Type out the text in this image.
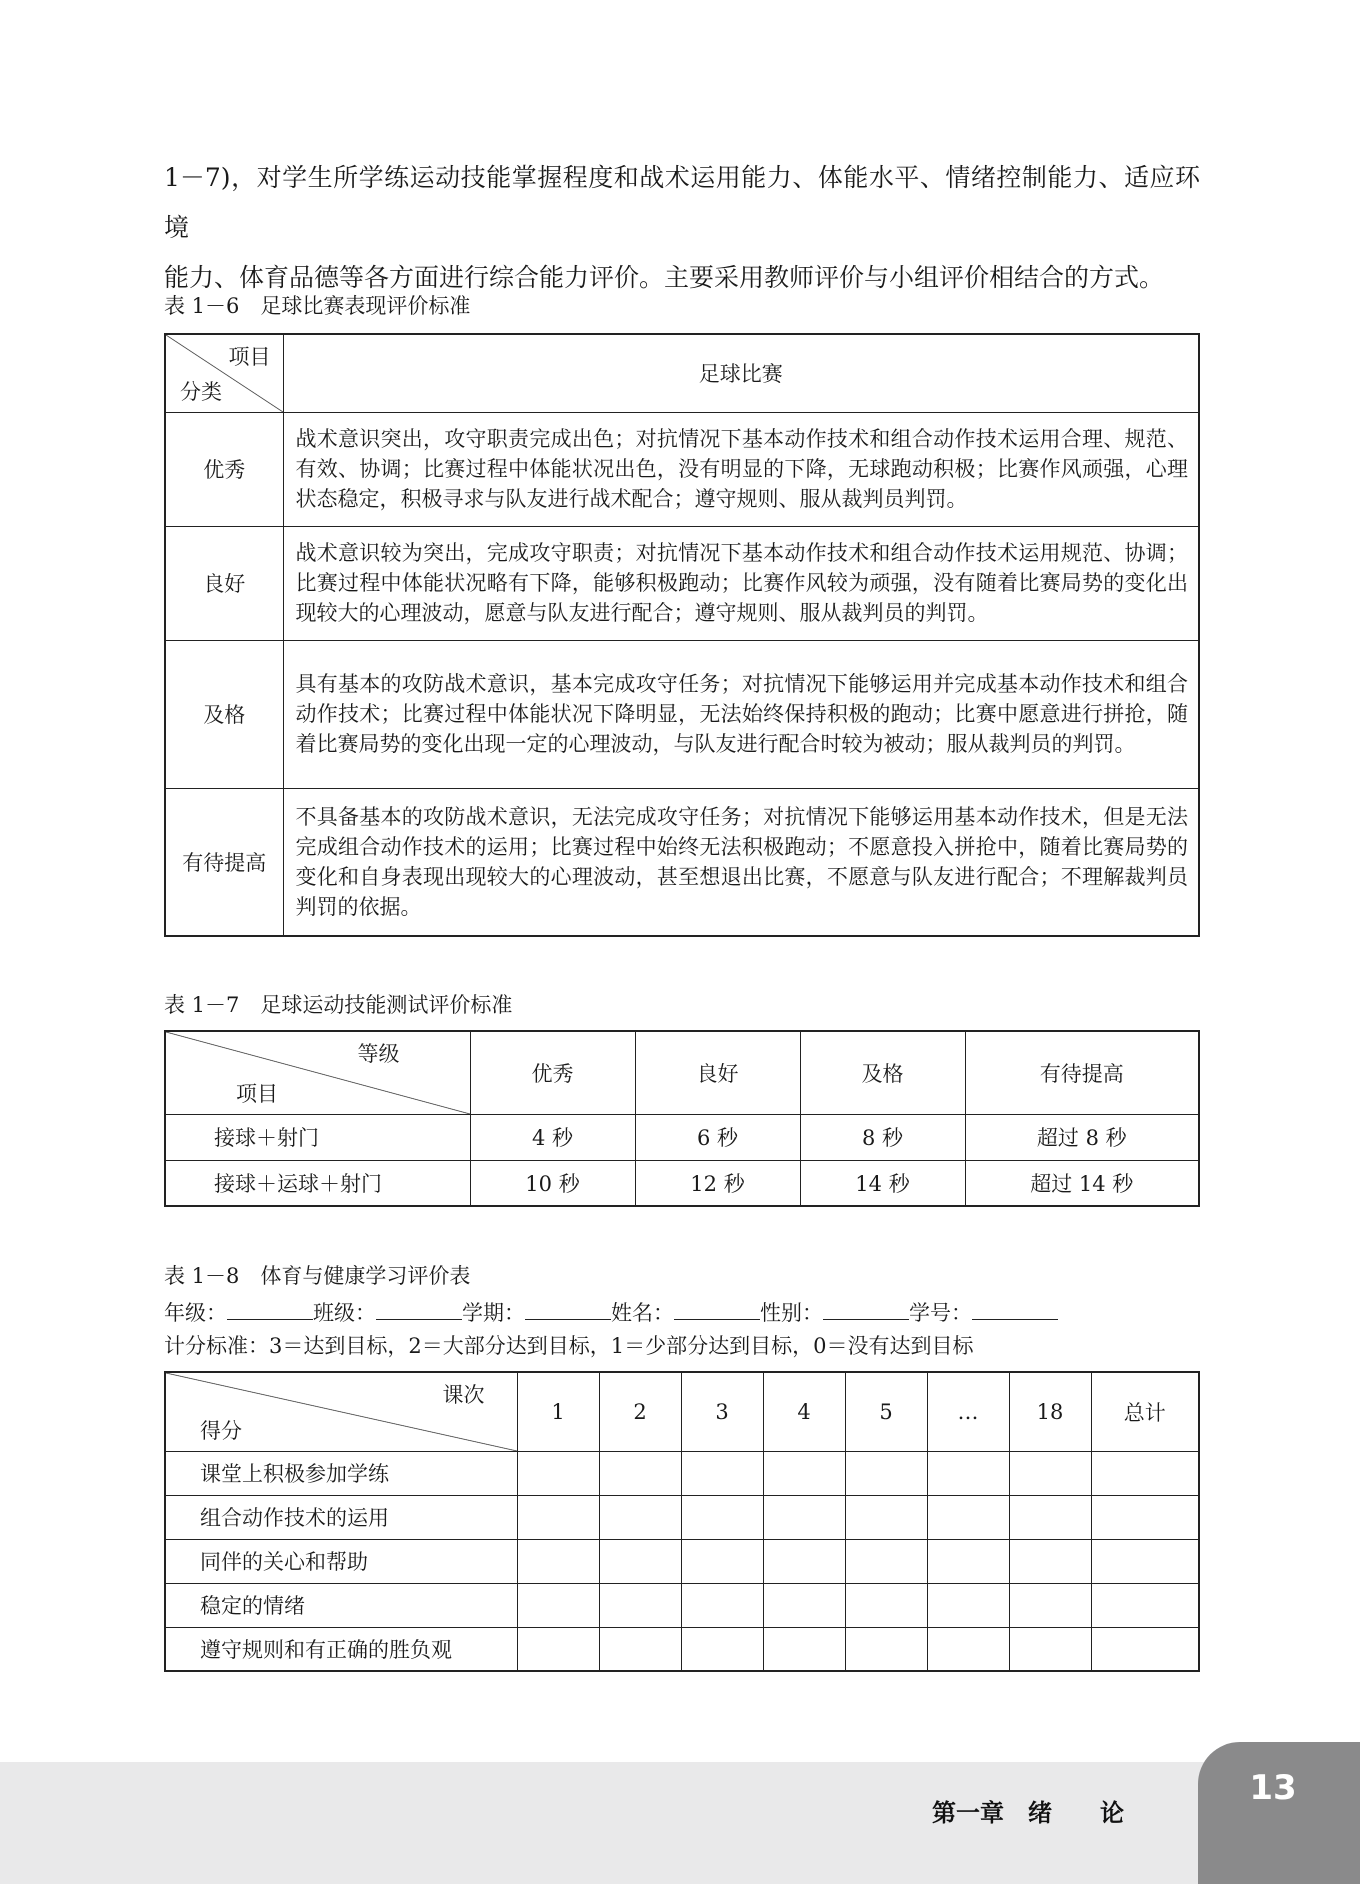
1－7)，对学生所学练运动技能掌握程度和战术运用能力、体能水平、情绪控制能力、适应环境
能力、体育品德等各方面进行综合能力评价。主要采用教师评价与小组评价相结合的方式。

表 1－6　足球比赛表现评价标准

项目
分类	足球比赛
优秀	战术意识突出，攻守职责完成出色；对抗情况下基本动作技术和组合动作技术运用合理、规范、有效、协调；比赛过程中体能状况出色，没有明显的下降，无球跑动积极；比赛作风顽强，心理状态稳定，积极寻求与队友进行战术配合；遵守规则、服从裁判员判罚。
良好	战术意识较为突出，完成攻守职责；对抗情况下基本动作技术和组合动作技术运用规范、协调；比赛过程中体能状况略有下降，能够积极跑动；比赛作风较为顽强，没有随着比赛局势的变化出现较大的心理波动，愿意与队友进行配合；遵守规则、服从裁判员的判罚。
及格	具有基本的攻防战术意识，基本完成攻守任务；对抗情况下能够运用并完成基本动作技术和组合动作技术；比赛过程中体能状况下降明显，无法始终保持积极的跑动；比赛中愿意进行拼抢，随着比赛局势的变化出现一定的心理波动，与队友进行配合时较为被动；服从裁判员的判罚。
有待提高	不具备基本的攻防战术意识，无法完成攻守任务；对抗情况下能够运用基本动作技术，但是无法完成组合动作技术的运用；比赛过程中始终无法积极跑动；不愿意投入拼抢中，随着比赛局势的变化和自身表现出现较大的心理波动，甚至想退出比赛，不愿意与队友进行配合；不理解裁判员判罚的依据。

表 1－7　足球运动技能测试评价标准

等级
项目	优秀	良好	及格	有待提高
接球＋射门	4 秒	6 秒	8 秒	超过 8 秒
接球＋运球＋射门	10 秒	12 秒	14 秒	超过 14 秒

表 1－8　体育与健康学习评价表

年级：	班级：	学期：	姓名：	性别：	学号：

计分标准：3＝达到目标，2＝大部分达到目标，1＝少部分达到目标，0＝没有达到目标

课次
得分	1	2	3	4	5	…	18	总计
课堂上积极参加学练								
组合动作技术的运用								
同伴的关心和帮助								
稳定的情绪								
遵守规则和有正确的胜负观								
第一章　绪　　论
13
